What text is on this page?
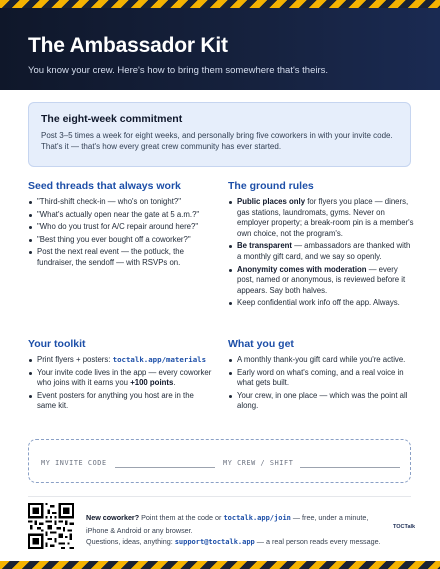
The Ambassador Kit

You know your crew. Here's how to bring them somewhere that's theirs.

The eight-week commitment
Post 3–5 times a week for eight weeks, and personally bring five coworkers in with your invite code. That's it — that's how every great crew community has ever started.
Seed threads that always work
"Third-shift check-in — who's on tonight?"
"What's actually open near the gate at 5 a.m.?"
"Who do you trust for A/C repair around here?"
"Best thing you ever bought off a coworker?"
Post the next real event — the potluck, the fundraiser, the sendoff — with RSVPs on.
The ground rules
Public places only for flyers you place — diners, gas stations, laundromats, gyms. Never on employer property; a break-room pin is a member's own choice, not the program's.
Be transparent — ambassadors are thanked with a monthly gift card, and we say so openly.
Anonymity comes with moderation — every post, named or anonymous, is reviewed before it appears. Say both halves.
Keep confidential work info off the app. Always.
Your toolkit
Print flyers + posters: toctalk.app/materials
Your invite code lives in the app — every coworker who joins with it earns you +100 points.
Event posters for anything you host are in the same kit.
What you get
A monthly thank-you gift card while you're active.
Early word on what's coming, and a real voice in what gets built.
Your crew, in one place — which was the point all along.
MY INVITE CODE	MY CREW / SHIFT
New coworker? Point them at the code or toctalk.app/join — free, under a minute, iPhone & Android or any browser.
Questions, ideas, anything: support@toctalk.app — a real person reads every message.
TOCTalk
